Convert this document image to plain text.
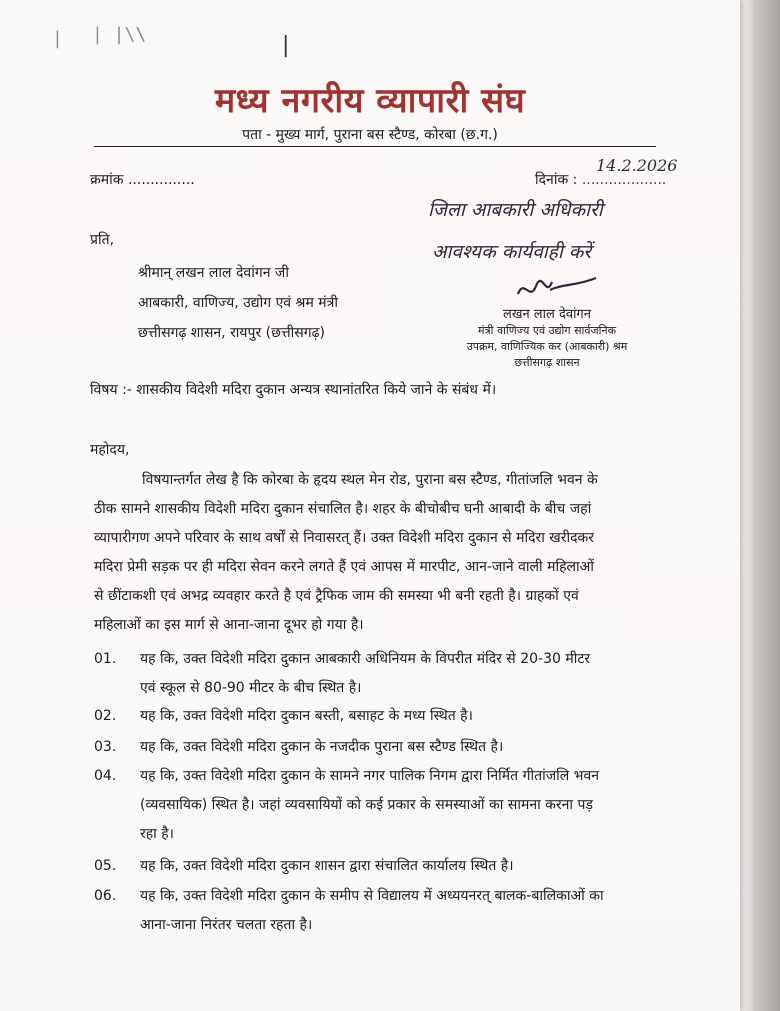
| | |\\	|
मध्य नगरीय व्यापारी संघ
पता - मुख्य मार्ग, पुराना बस स्टैण्ड, कोरबा (छ.ग.)
क्रमांक ...............	दिनांक : ...................
14.2.2026
जिला आबकारी अधिकारी
आवश्यक कार्यवाही करें
लखन लाल देवांगन
मंत्री वाणिज्य एवं उद्योग सार्वजनिक
उपक्रम, वाणिज्यिक कर (आबकारी) श्रम
छत्तीसगढ़ शासन
प्रति,
श्रीमान् लखन लाल देवांगन जी
आबकारी, वाणिज्य, उद्योग एवं श्रम मंत्री
छत्तीसगढ़ शासन, रायपुर (छत्तीसगढ़)
विषय :- शासकीय विदेशी मदिरा दुकान अन्यत्र स्थानांतरित किये जाने के संबंध में।
महोदय,
विषयान्तर्गत लेख है कि कोरबा के हृदय स्थल मेन रोड, पुराना बस स्टैण्ड, गीतांजलि भवन के
ठीक सामने शासकीय विदेशी मदिरा दुकान संचालित है। शहर के बीचोबीच घनी आबादी के बीच जहां
व्यापारीगण अपने परिवार के साथ वर्षों से निवासरत् हैं। उक्त विदेशी मदिरा दुकान से मदिरा खरीदकर
मदिरा प्रेमी सड़क पर ही मदिरा सेवन करने लगते हैं एवं आपस में मारपीट, आन-जाने वाली महिलाओं
से छींटाकशी एवं अभद्र व्यवहार करते है एवं ट्रैफिक जाम की समस्या भी बनी रहती है। ग्राहकों एवं
महिलाओं का इस मार्ग से आना-जाना दूभर हो गया है।
01.	यह कि, उक्त विदेशी मदिरा दुकान आबकारी अधिनियम के विपरीत मंदिर से 20-30 मीटर
एवं स्कूल से 80-90 मीटर के बीच स्थित है।
02.	यह कि, उक्त विदेशी मदिरा दुकान बस्ती, बसाहट के मध्य स्थित है।
03.	यह कि, उक्त विदेशी मदिरा दुकान के नजदीक पुराना बस स्टैण्ड स्थित है।
04.	यह कि, उक्त विदेशी मदिरा दुकान के सामने नगर पालिक निगम द्वारा निर्मित गीतांजलि भवन
(व्यवसायिक) स्थित है। जहां व्यवसायियों को कई प्रकार के समस्याओं का सामना करना पड़
रहा है।
05.	यह कि, उक्त विदेशी मदिरा दुकान शासन द्वारा संचालित कार्यालय स्थित है।
06.	यह कि, उक्त विदेशी मदिरा दुकान के समीप से विद्यालय में अध्ययनरत् बालक-बालिकाओं का
आना-जाना निरंतर चलता रहता है।
